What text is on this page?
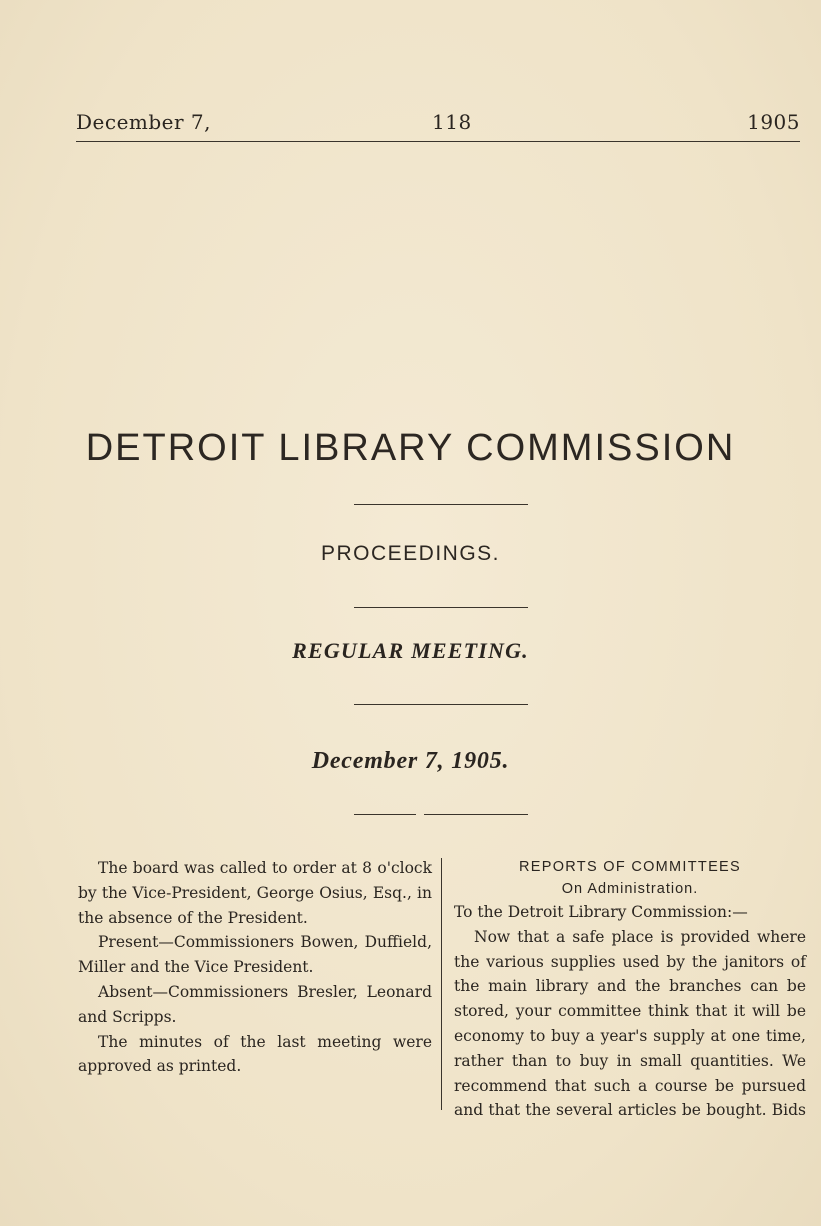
December 7,	118	1905
DETROIT LIBRARY COMMISSION
PROCEEDINGS.
REGULAR MEETING.
December 7, 1905.

The board was called to order at 8 o'clock by the Vice-President, George Osius, Esq., in the absence of the President.

Present—Commissioners Bowen, Duffield, Miller and the Vice President.

Absent—Commissioners Bresler, Leonard and Scripps.

The minutes of the last meeting were approved as printed.

REPORTS OF COMMITTEES
On Administration.

To the Detroit Library Commission:—

Now that a safe place is provided where the various supplies used by the janitors of the main library and the branches can be stored, your committee think that it will be economy to buy a year's supply at one time, rather than to buy in small quantities. We recommend that such a course be pursued and that the several articles be bought. Bids
